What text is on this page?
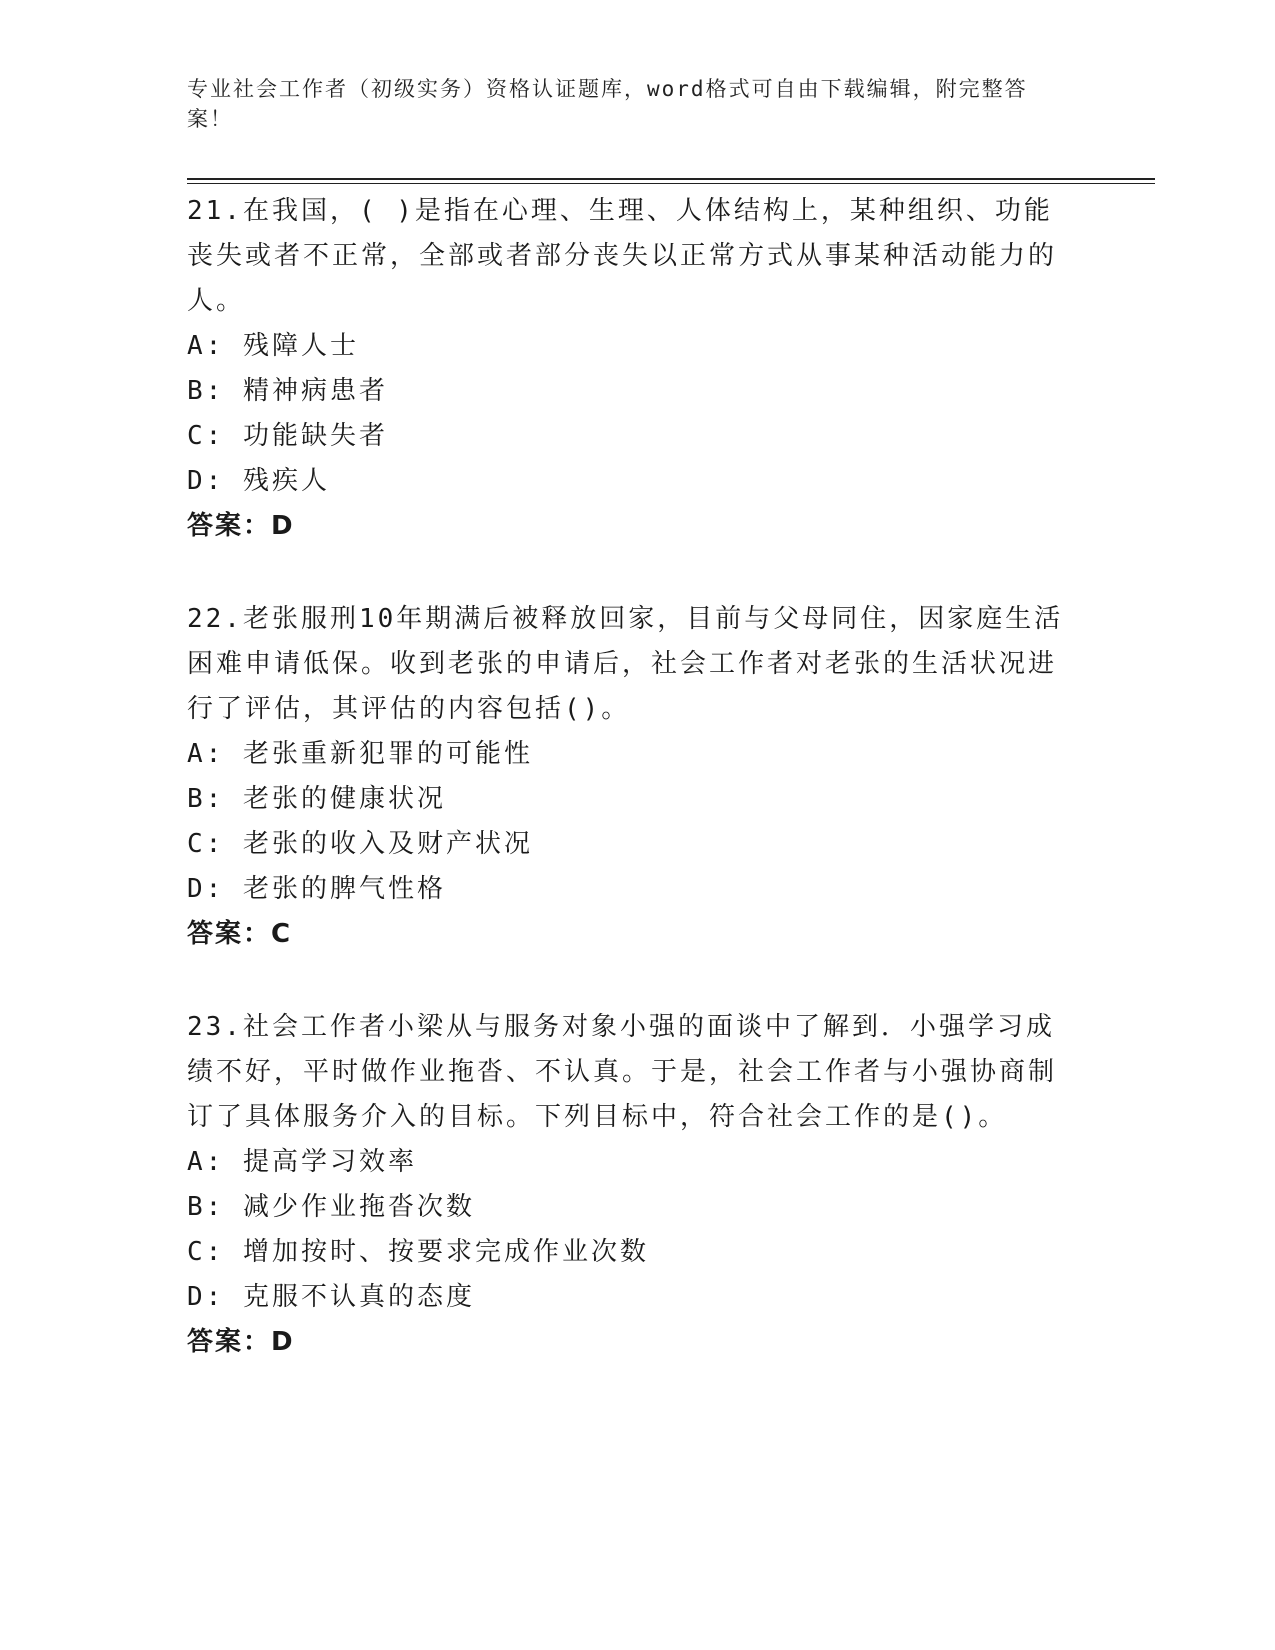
专业社会工作者（初级实务）资格认证题库，word格式可自由下载编辑，附完整答案！

21.在我国，( )是指在心理、生理、人体结构上，某种组织、功能丧失或者不正常，全部或者部分丧失以正常方式从事某种活动能力的人。

A: 残障人士

B: 精神病患者

C: 功能缺失者

D: 残疾人

答案：D

22.老张服刑10年期满后被释放回家，目前与父母同住，因家庭生活困难申请低保。收到老张的申请后，社会工作者对老张的生活状况进行了评估，其评估的内容包括()。

A: 老张重新犯罪的可能性

B: 老张的健康状况

C: 老张的收入及财产状况

D: 老张的脾气性格

答案：C

23.社会工作者小梁从与服务对象小强的面谈中了解到．小强学习成绩不好，平时做作业拖沓、不认真。于是，社会工作者与小强协商制订了具体服务介入的目标。下列目标中，符合社会工作的是()。

A: 提高学习效率

B: 减少作业拖沓次数

C: 增加按时、按要求完成作业次数

D: 克服不认真的态度

答案：D
